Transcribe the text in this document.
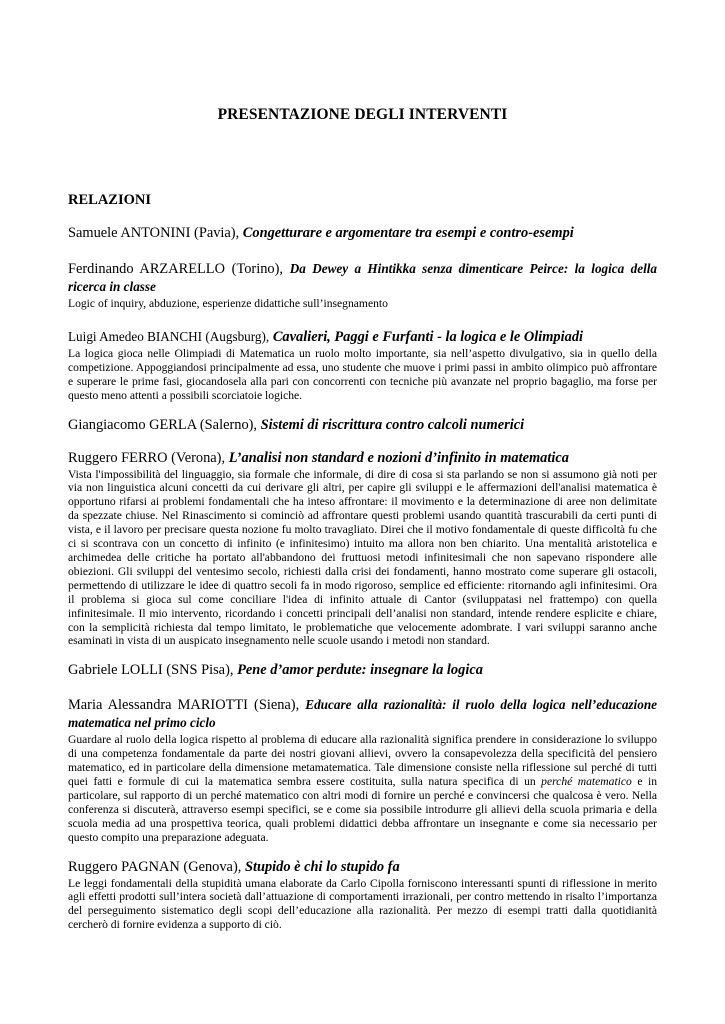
PRESENTAZIONE DEGLI INTERVENTI
RELAZIONI
Samuele ANTONINI (Pavia), Congetturare e argomentare tra esempi e contro-esempi
Ferdinando ARZARELLO (Torino), Da Dewey a Hintikka senza dimenticare Peirce: la logica della ricerca in classe
Logic of inquiry, abduzione, esperienze didattiche sull’insegnamento
Luigi Amedeo BIANCHI (Augsburg), Cavalieri, Paggi e Furfanti - la logica e le Olimpiadi
La logica gioca nelle Olimpiadi di Matematica un ruolo molto importante, sia nell’aspetto divulgativo, sia in quello della competizione. Appoggiandosi principalmente ad essa, uno studente che muove i primi passi in ambito olimpico può affrontare e superare le prime fasi, giocandosela alla pari con concorrenti con tecniche più avanzate nel proprio bagaglio, ma forse per questo meno attenti a possibili scorciatoie logiche.
Giangiacomo GERLA (Salerno), Sistemi di riscrittura contro calcoli numerici
Ruggero FERRO (Verona), L’analisi non standard e nozioni d’infinito in matematica
Vista l'impossibilità del linguaggio, sia formale che informale, di dire di cosa si sta parlando se non si assumono già noti per via non linguistica alcuni concetti da cui derivare gli altri, per capire gli sviluppi e le affermazioni dell'analisi matematica è opportuno rifarsi ai problemi fondamentali che ha inteso affrontare: il movimento e la determinazione di aree non delimitate da spezzate chiuse. Nel Rinascimento si cominciò ad affrontare questi problemi usando quantità trascurabili da certi punti di vista, e il lavoro per precisare questa nozione fu molto travagliato. Direi che il motivo fondamentale di queste difficoltà fu che ci si scontrava con un concetto di infinito (e infinitesimo) intuito ma allora non ben chiarito. Una mentalità aristotelica e archimedea delle critiche ha portato all'abbandono dei fruttuosi metodi infinitesimali che non sapevano rispondere alle obiezioni. Gli sviluppi del ventesimo secolo, richiesti dalla crisi dei fondamenti, hanno mostrato come superare gli ostacoli, permettendo di utilizzare le idee di quattro secoli fa in modo rigoroso, semplice ed efficiente: ritornando agli infinitesimi. Ora il problema si gioca sul come conciliare l'idea di infinito attuale di Cantor (sviluppatasi nel frattempo) con quella infinitesimale. Il mio intervento, ricordando i concetti principali dell’analisi non standard, intende rendere esplicite e chiare, con la semplicità richiesta dal tempo limitato, le problematiche que velocemente adombrate. I vari sviluppi saranno anche esaminati in vista di un auspicato insegnamento nelle scuole usando i metodi non standard.
Gabriele LOLLI (SNS Pisa), Pene d’amor perdute: insegnare la logica
Maria Alessandra MARIOTTI (Siena), Educare alla razionalità: il ruolo della logica nell’educazione matematica nel primo ciclo
Guardare al ruolo della logica rispetto al problema di educare alla razionalità significa prendere in considerazione lo sviluppo di una competenza fondamentale da parte dei nostri giovani allievi, ovvero la consapevolezza della specificità del pensiero matematico, ed in particolare della dimensione metamatematica. Tale dimensione consiste nella riflessione sul perché di tutti quei fatti e formule di cui la matematica sembra essere costituita, sulla natura specifica di un perché matematico e in particolare, sul rapporto di un perché matematico con altri modi di fornire un perché e convincersi che qualcosa è vero. Nella conferenza si discuterà, attraverso esempi specifici, se e come sia possibile introdurre gli allievi della scuola primaria e della scuola media ad una prospettiva teorica, quali problemi didattici debba affrontare un insegnante e come sia necessario per questo compito una preparazione adeguata.
Ruggero PAGNAN (Genova), Stupido è chi lo stupido fa
Le leggi fondamentali della stupidità umana elaborate da Carlo Cipolla forniscono interessanti spunti di riflessione in merito agli effetti prodotti sull’intera società dall’attuazione di comportamenti irrazionali, per contro mettendo in risalto l’importanza del perseguimento sistematico degli scopi dell’educazione alla razionalità. Per mezzo di esempi tratti dalla quotidianità cercherò di fornire evidenza a supporto di ciò.
